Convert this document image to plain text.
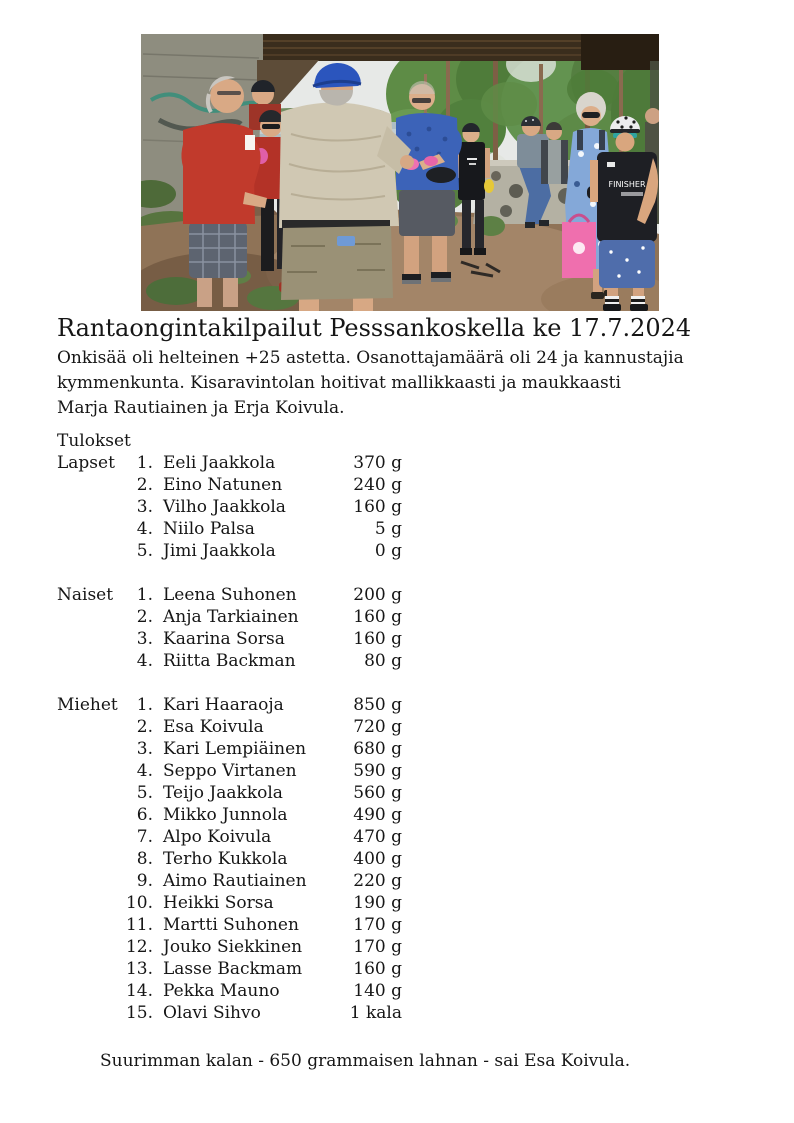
FINISHER
Rantaongintakilpailut Pesssankoskella ke 17.7.2024
Onkisää oli helteinen +25 astetta. Osanottajamäärä oli 24 ja kannustajia
kymmenkunta. Kisaravintolan hoitivat mallikkaasti ja maukkaasti
Marja Rautiainen ja Erja Koivula.
Tulokset
Lapset	1. Eeli Jaakkola	370 g
2. Eino Natunen	240 g
3. Vilho Jaakkola	160 g
4. Niilo Palsa	5 g
5. Jimi Jaakkola	0 g
Naiset	1. Leena Suhonen	200 g
2. Anja Tarkiainen	160 g
3. Kaarina Sorsa	160 g
4. Riitta Backman	80 g
Miehet	1. Kari Haaraoja	850 g
2. Esa Koivula	720 g
3. Kari Lempiäinen	680 g
4. Seppo Virtanen	590 g
5. Teijo Jaakkola	560 g
6. Mikko Junnola	490 g
7. Alpo Koivula	470 g
8. Terho Kukkola	400 g
9. Aimo Rautiainen	220 g
10. Heikki Sorsa	190 g
11. Martti Suhonen	170 g
12. Jouko Siekkinen	170 g
13. Lasse Backmam	160 g
14. Pekka Mauno	140 g
15. Olavi Sihvo	1 kala
Suurimman kalan - 650 grammaisen lahnan - sai Esa Koivula.
